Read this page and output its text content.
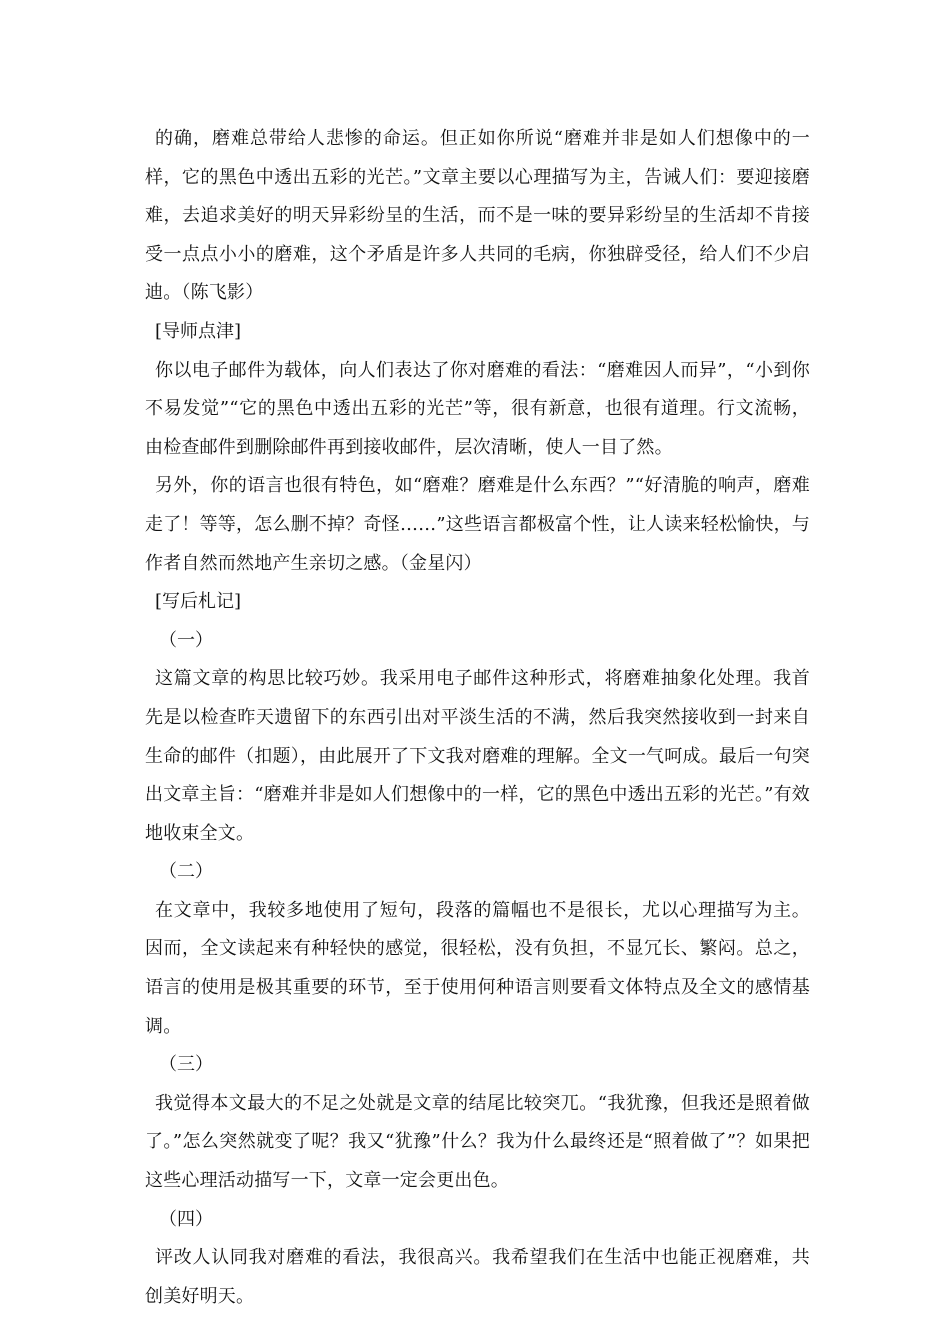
的确，磨难总带给人悲惨的命运。但正如你所说“磨难并非是如人们想像中的一样，它的黑色中透出五彩的光芒。”文章主要以心理描写为主，告诫人们：要迎接磨难，去追求美好的明天异彩纷呈的生活，而不是一味的要异彩纷呈的生活却不肯接受一点点小小的磨难，这个矛盾是许多人共同的毛病，你独辟受径，给人们不少启迪。（陈飞影）

[导师点津]

你以电子邮件为载体，向人们表达了你对磨难的看法：“磨难因人而异”，“小到你不易发觉”“它的黑色中透出五彩的光芒”等，很有新意，也很有道理。行文流畅，由检查邮件到删除邮件再到接收邮件，层次清晰，使人一目了然。

另外，你的语言也很有特色，如“磨难？磨难是什么东西？”“好清脆的响声，磨难走了！等等，怎么删不掉？奇怪……”这些语言都极富个性，让人读来轻松愉快，与作者自然而然地产生亲切之感。（金星闪）

[写后札记]

（一）

这篇文章的构思比较巧妙。我采用电子邮件这种形式，将磨难抽象化处理。我首先是以检查昨天遗留下的东西引出对平淡生活的不满，然后我突然接收到一封来自生命的邮件（扣题），由此展开了下文我对磨难的理解。全文一气呵成。最后一句突出文章主旨：“磨难并非是如人们想像中的一样，它的黑色中透出五彩的光芒。”有效地收束全文。

（二）

在文章中，我较多地使用了短句，段落的篇幅也不是很长，尤以心理描写为主。因而，全文读起来有种轻快的感觉，很轻松，没有负担，不显冗长、繁闷。总之，语言的使用是极其重要的环节，至于使用何种语言则要看文体特点及全文的感情基调。

（三）

我觉得本文最大的不足之处就是文章的结尾比较突兀。“我犹豫，但我还是照着做了。”怎么突然就变了呢？我又“犹豫”什么？我为什么最终还是“照着做了”？如果把这些心理活动描写一下，文章一定会更出色。

（四）

评改人认同我对磨难的看法，我很高兴。我希望我们在生活中也能正视磨难，共创美好明天。
